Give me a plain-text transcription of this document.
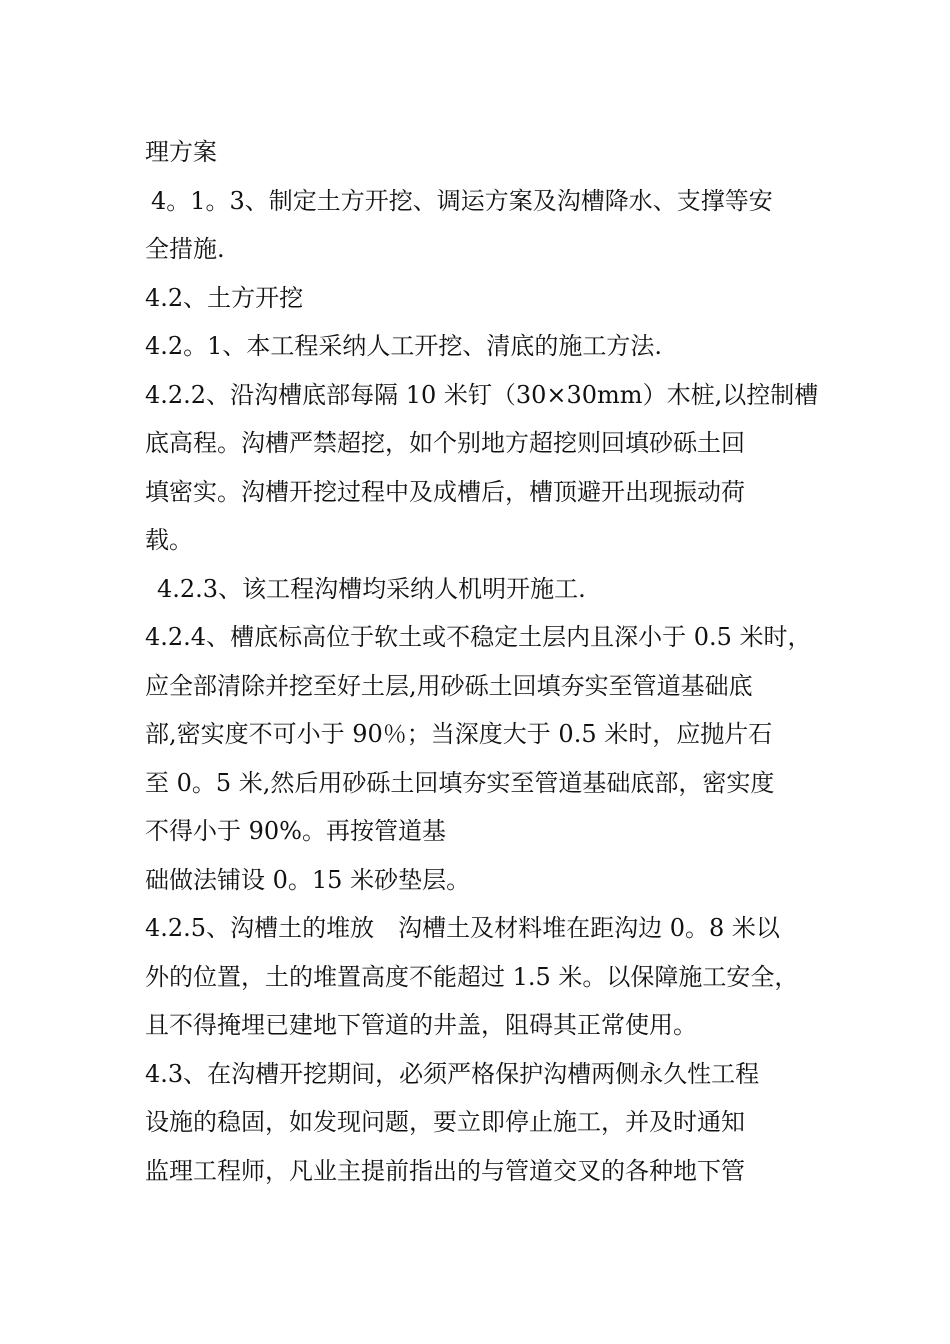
理方案
4。1。3、制定土方开挖、调运方案及沟槽降水、支撑等安
全措施.
4.2、土方开挖
4.2。1、本工程采纳人工开挖、清底的施工方法.
4.2.2、沿沟槽底部每隔 10 米钉（30×30mm）木桩,以控制槽
底高程。沟槽严禁超挖，如个别地方超挖则回填砂砾土回
填密实。沟槽开挖过程中及成槽后，槽顶避开出现振动荷
载。
4.2.3、该工程沟槽均采纳人机明开施工.
4.2.4、槽底标高位于软土或不稳定土层内且深小于 0.5 米时，
应全部清除并挖至好土层,用砂砾土回填夯实至管道基础底
部,密实度不可小于 90％；当深度大于 0.5 米时，应抛片石
至 0。5 米,然后用砂砾土回填夯实至管道基础底部，密实度
不得小于 90%。再按管道基
础做法铺设 0。15 米砂垫层。
4.2.5、沟槽土的堆放　沟槽土及材料堆在距沟边 0。8 米以
外的位置，土的堆置高度不能超过 1.5 米。以保障施工安全，
且不得掩埋已建地下管道的井盖，阻碍其正常使用。
4.3、在沟槽开挖期间，必须严格保护沟槽两侧永久性工程
设施的稳固，如发现问题，要立即停止施工，并及时通知
监理工程师，凡业主提前指出的与管道交叉的各种地下管
